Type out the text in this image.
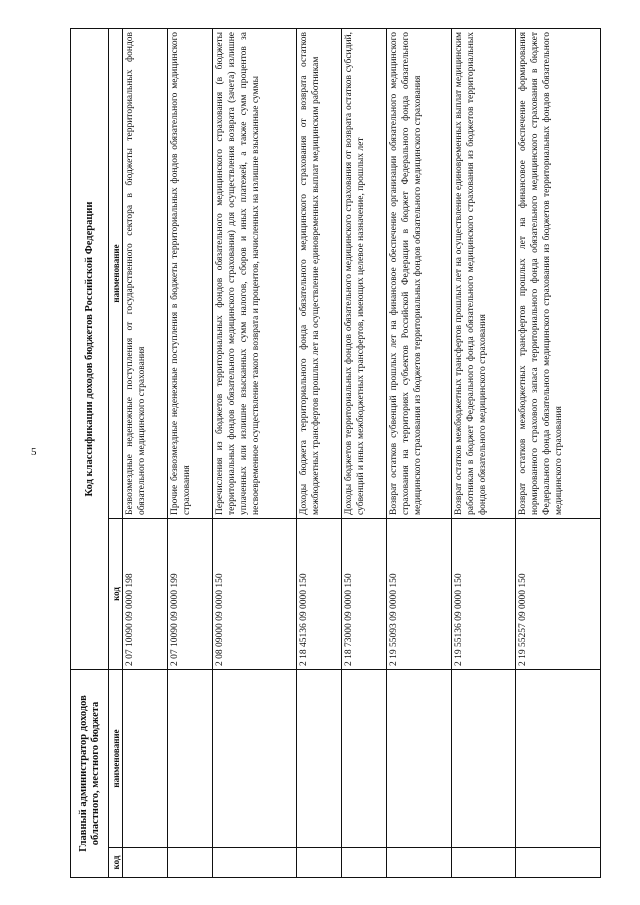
5
Главный администратор доходов областного, местного бюджета		Код классификации доходов бюджетов Российской Федерации	
код	наименование	код	наименование
		2 07 10090 09 0000 198	Безвозмездные неденежные поступления от государственного сектора в бюджеты территориальных фондов обязательного медицинского страхования
		2 07 10090 09 0000 199	Прочие безвозмездные неденежные поступления в бюджеты территориальных фондов обязательного медицинского страхования
		2 08 09000 09 0000 150	Перечисления из бюджетов территориальных фондов обязательного медицинского страхования (в бюджеты территориальных фондов обязательного медицинского страхования) для осуществления возврата (зачета) излишне уплаченных или излишне взысканных сумм налогов, сборов и иных платежей, а также сумм процентов за несвоевременное осуществление такого возврата и процентов, начисленных на излишне взысканные суммы
		2 18 45136 09 0000 150	Доходы бюджета территориального фонда обязательного медицинского страхования от возврата остатков межбюджетных трансфертов прошлых лет на осуществление единовременных выплат медицинским работникам
		2 18 73000 09 0000 150	Доходы бюджетов территориальных фондов обязательного медицинского страхования от возврата остатков субсидий, субвенций и иных межбюджетных трансфертов, имеющих целевое назначение, прошлых лет
		2 19 55093 09 0000 150	Возврат остатков субвенций прошлых лет на финансовое обеспечение организации обязательного медицинского страхования на территориях субъектов Российской Федерации в бюджет Федерального фонда обязательного медицинского страхования из бюджетов территориальных фондов обязательного медицинского страхования
		2 19 55136 09 0000 150	Возврат остатков межбюджетных трансфертов прошлых лет на осуществление единовременных выплат медицинским работникам в бюджет Федерального фонда обязательного медицинского страхования из бюджетов территориальных фондов обязательного медицинского страхования
		2 19 55257 09 0000 150	Возврат остатков межбюджетных трансфертов прошлых лет на финансовое обеспечение формирования нормированного страхового запаса территориального фонда обязательного медицинского страхования в бюджет Федерального фонда обязательного медицинского страхования из бюджетов территориальных фондов обязательного медицинского страхования
